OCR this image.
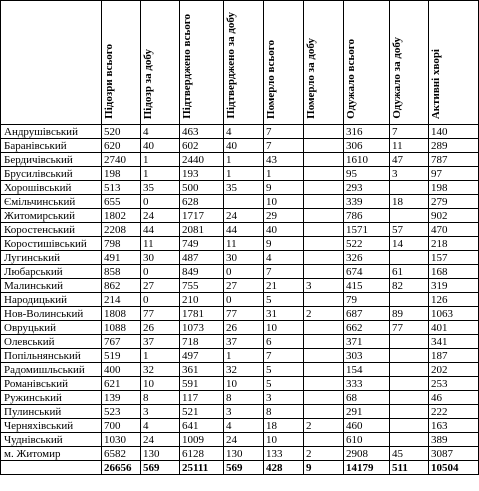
	Підозри всього	Підозр за добу	Підтверджено всього	Підтверджено за добу	Померло всього	Померло за добу	Одужало всього	Одужало за добу	Активні хворі
Андрушівський	520	4	463	4	7		316	7	140
Баранівський	620	40	602	40	7		306	11	289
Бердичівський	2740	1	2440	1	43		1610	47	787
Брусилівський	198	1	193	1	1		95	3	97
Хорошівський	513	35	500	35	9		293		198
Ємільчинський	655	0	628		10		339	18	279
Житомирський	1802	24	1717	24	29		786		902
Коростенський	2208	44	2081	44	40		1571	57	470
Коростишівський	798	11	749	11	9		522	14	218
Лугинський	491	30	487	30	4		326		157
Любарський	858	0	849	0	7		674	61	168
Малинський	862	27	755	27	21	3	415	82	319
Народицький	214	0	210	0	5		79		126
Нов-Волинський	1808	77	1781	77	31	2	687	89	1063
Овруцький	1088	26	1073	26	10		662	77	401
Олевський	767	37	718	37	6		371		341
Попільнянський	519	1	497	1	7		303		187
Радомишльський	400	32	361	32	5		154		202
Романівський	621	10	591	10	5		333		253
Ружинський	139	8	117	8	3		68		46
Пулинський	523	3	521	3	8		291		222
Черняхівський	700	4	641	4	18	2	460		163
Чуднівський	1030	24	1009	24	10		610		389
м. Житомир	6582	130	6128	130	133	2	2908	45	3087
	26656	569	25111	569	428	9	14179	511	10504
